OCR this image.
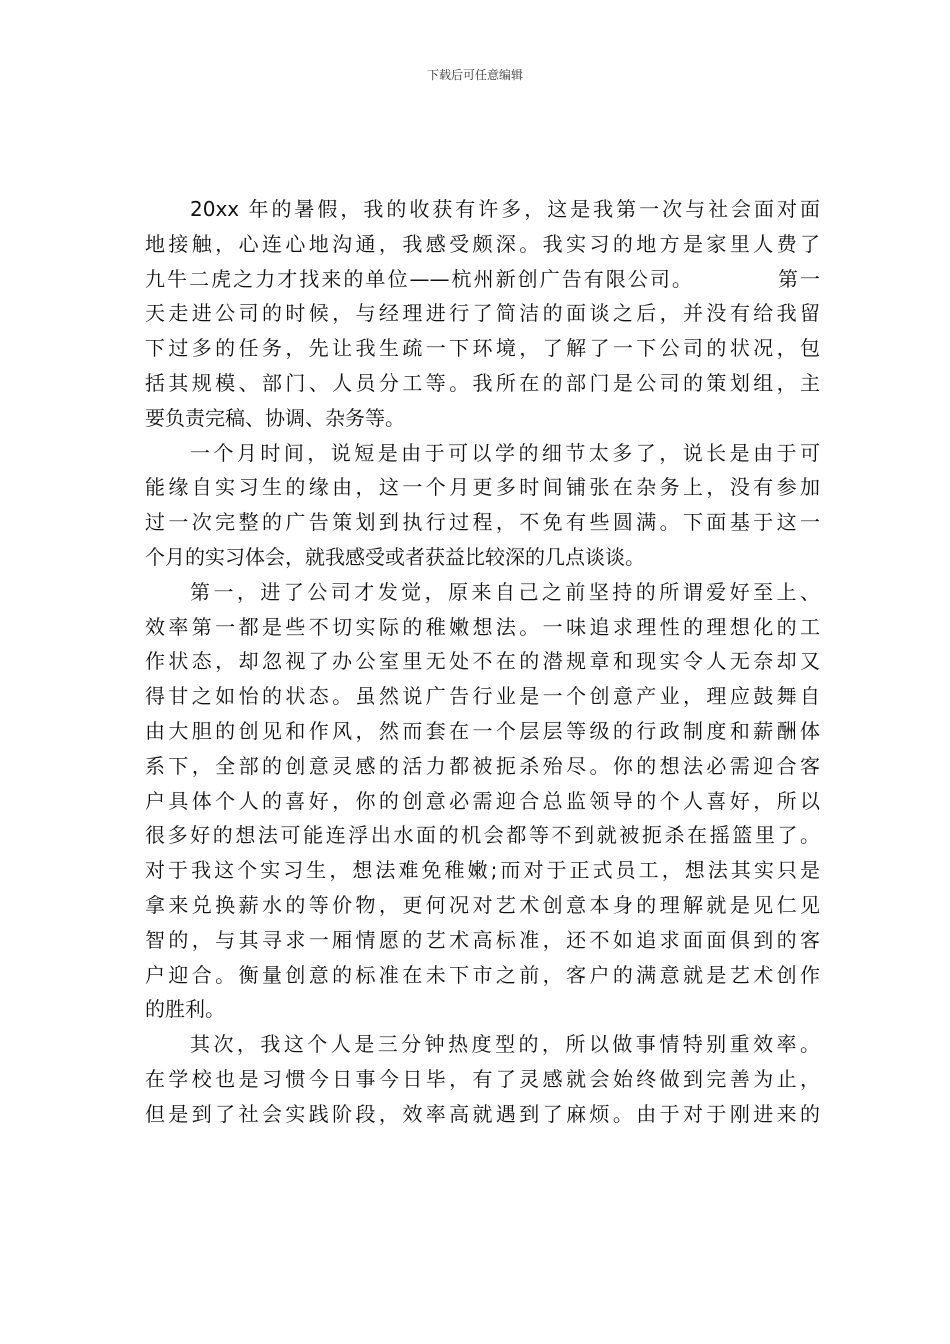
下载后可任意编辑
20xx 年的暑假，我的收获有许多，这是我第一次与社会面对面
地接触，心连心地沟通，我感受颇深。我实习的地方是家里人费了
九牛二虎之力才找来的单位——杭州新创广告有限公司。          第一
天走进公司的时候，与经理进行了简洁的面谈之后，并没有给我留
下过多的任务，先让我生疏一下环境，了解了一下公司的状况，包
括其规模、部门、人员分工等。我所在的部门是公司的策划组，主
要负责完稿、协调、杂务等。
一个月时间，说短是由于可以学的细节太多了，说长是由于可
能缘自实习生的缘由，这一个月更多时间铺张在杂务上，没有参加
过一次完整的广告策划到执行过程，不免有些圆满。下面基于这一
个月的实习体会，就我感受或者获益比较深的几点谈谈。
第一，进了公司才发觉，原来自己之前坚持的所谓爱好至上、
效率第一都是些不切实际的稚嫩想法。一味追求理性的理想化的工
作状态，却忽视了办公室里无处不在的潜规章和现实令人无奈却又
得甘之如怡的状态。虽然说广告行业是一个创意产业，理应鼓舞自
由大胆的创见和作风，然而套在一个层层等级的行政制度和薪酬体
系下，全部的创意灵感的活力都被扼杀殆尽。你的想法必需迎合客
户具体个人的喜好，你的创意必需迎合总监领导的个人喜好，所以
很多好的想法可能连浮出水面的机会都等不到就被扼杀在摇篮里了。
对于我这个实习生，想法难免稚嫩;而对于正式员工，想法其实只是
拿来兑换薪水的等价物，更何况对艺术创意本身的理解就是见仁见
智的，与其寻求一厢情愿的艺术高标准，还不如追求面面俱到的客
户迎合。衡量创意的标准在未下市之前，客户的满意就是艺术创作
的胜利。
其次，我这个人是三分钟热度型的，所以做事情特别重效率。
在学校也是习惯今日事今日毕，有了灵感就会始终做到完善为止，
但是到了社会实践阶段，效率高就遇到了麻烦。由于对于刚进来的
